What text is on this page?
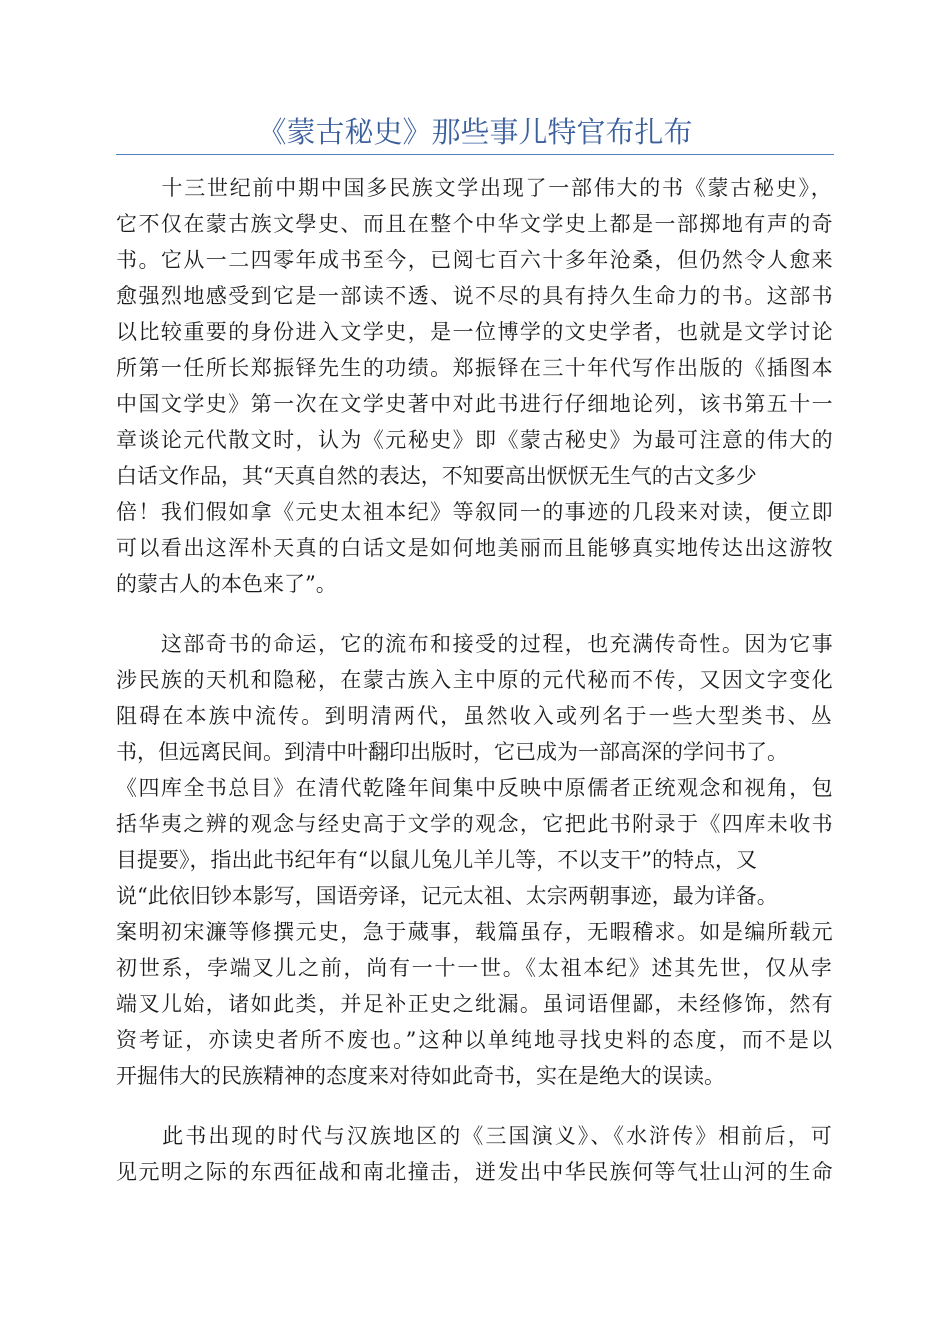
《蒙古秘史》那些事儿特官布扎布
　　十三世纪前中期中国多民族文学出现了一部伟大的书《蒙古秘史》，
它不仅在蒙古族文學史、而且在整个中华文学史上都是一部掷地有声的奇
书。它从一二四零年成书至今，已阅七百六十多年沧桑，但仍然令人愈来
愈强烈地感受到它是一部读不透、说不尽的具有持久生命力的书。这部书
以比较重要的身份进入文学史，是一位博学的文史学者，也就是文学讨论
所第一任所长郑振铎先生的功绩。郑振铎在三十年代写作出版的《插图本
中国文学史》第一次在文学史著中对此书进行仔细地论列，该书第五十一
章谈论元代散文时，认为《元秘史》即《蒙古秘史》为最可注意的伟大的
白话文作品，其“天真自然的表达，不知要高出恹恹无生气的古文多少
倍！我们假如拿《元史太祖本纪》等叙同一的事迹的几段来对读，便立即
可以看出这浑朴天真的白话文是如何地美丽而且能够真实地传达出这游牧
的蒙古人的本色来了”。
　　这部奇书的命运，它的流布和接受的过程，也充满传奇性。因为它事
涉民族的天机和隐秘，在蒙古族入主中原的元代秘而不传，又因文字变化
阻碍在本族中流传。到明清两代，虽然收入或列名于一些大型类书、丛
书，但远离民间。到清中叶翻印出版时，它已成为一部高深的学问书了。
《四库全书总目》在清代乾隆年间集中反映中原儒者正统观念和视角，包
括华夷之辨的观念与经史高于文学的观念，它把此书附录于《四库未收书
目提要》，指出此书纪年有“以鼠儿兔儿羊儿等，不以支干”的特点，又
说“此依旧钞本影写，国语旁译，记元太祖、太宗两朝事迹，最为详备。
案明初宋濂等修撰元史，急于蒇事，载篇虽存，无暇稽求。如是编所载元
初世系，孛端叉儿之前，尚有一十一世。《太祖本纪》述其先世，仅从孛
端叉儿始，诸如此类，并足补正史之纰漏。虽词语俚鄙，未经修饰，然有
资考证，亦读史者所不废也。”这种以单纯地寻找史料的态度，而不是以
开掘伟大的民族精神的态度来对待如此奇书，实在是绝大的误读。
　　此书出现的时代与汉族地区的《三国演义》、《水浒传》相前后，可
见元明之际的东西征战和南北撞击，迸发出中华民族何等气壮山河的生命
